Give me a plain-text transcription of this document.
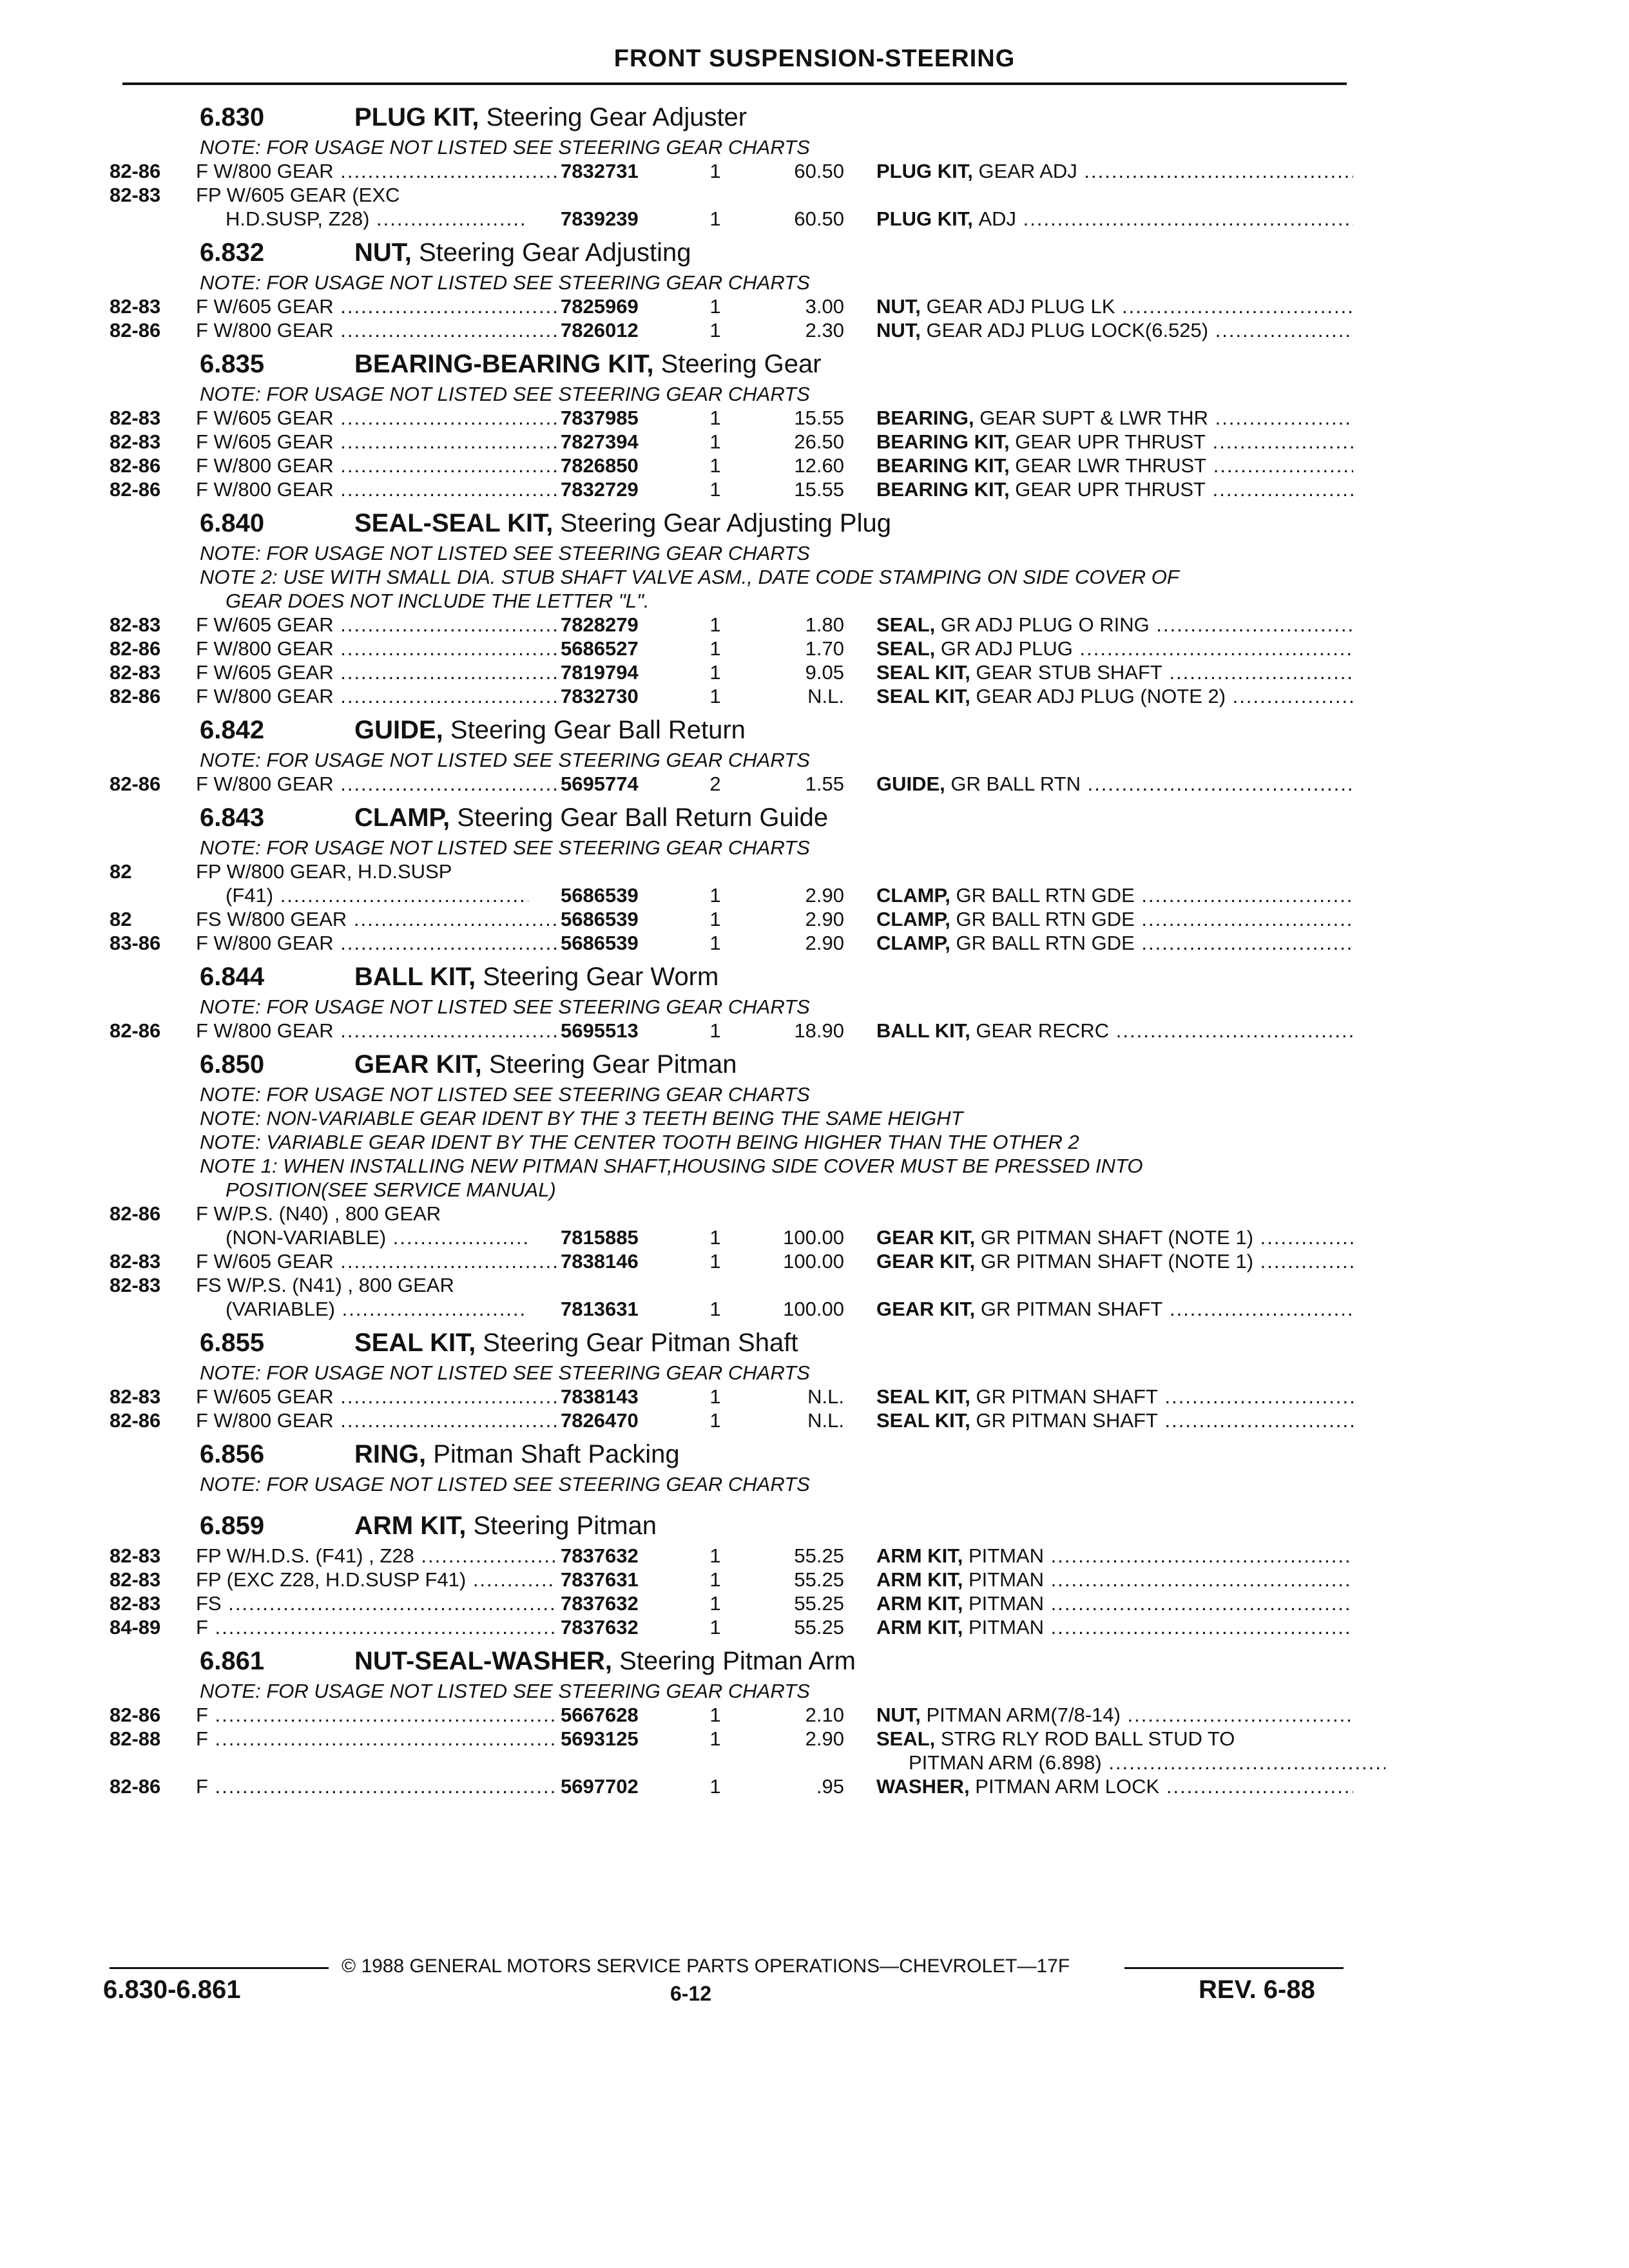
FRONT SUSPENSION-STEERING
6.830	PLUG KIT, Steering Gear Adjuster
NOTE: FOR USAGE NOT LISTED SEE STEERING GEAR CHARTS
82-86	F W/800 GEAR .....	7832731	1	60.50 PLUG KIT, GEAR ADJ .....
82-83	FP W/605 GEAR (EXC
H.D.SUSP, Z28) .....	7839239	1	60.50 PLUG KIT, ADJ .....
6.832	NUT, Steering Gear Adjusting
NOTE: FOR USAGE NOT LISTED SEE STEERING GEAR CHARTS
82-83	F W/605 GEAR .....	7825969	1	3.00 NUT, GEAR ADJ PLUG LK .....
82-86	F W/800 GEAR .....	7826012	1	2.30 NUT, GEAR ADJ PLUG LOCK(6.525) .....
6.835	BEARING-BEARING KIT, Steering Gear
NOTE: FOR USAGE NOT LISTED SEE STEERING GEAR CHARTS
82-83	F W/605 GEAR .....	7837985	1	15.55 BEARING, GEAR SUPT & LWR THR .....
82-83	F W/605 GEAR .....	7827394	1	26.50 BEARING KIT, GEAR UPR THRUST .....
82-86	F W/800 GEAR .....	7826850	1	12.60 BEARING KIT, GEAR LWR THRUST .....
82-86	F W/800 GEAR .....	7832729	1	15.55 BEARING KIT, GEAR UPR THRUST .....
6.840	SEAL-SEAL KIT, Steering Gear Adjusting Plug
NOTE: FOR USAGE NOT LISTED SEE STEERING GEAR CHARTS
NOTE 2: USE WITH SMALL DIA. STUB SHAFT VALVE ASM., DATE CODE STAMPING ON SIDE COVER OF
GEAR DOES NOT INCLUDE THE LETTER "L".
82-83	F W/605 GEAR .....	7828279	1	1.80 SEAL, GR ADJ PLUG O RING .....
82-86	F W/800 GEAR .....	5686527	1	1.70 SEAL, GR ADJ PLUG .....
82-83	F W/605 GEAR .....	7819794	1	9.05 SEAL KIT, GEAR STUB SHAFT .....
82-86	F W/800 GEAR .....	7832730	1	N.L. SEAL KIT, GEAR ADJ PLUG (NOTE 2) .....
6.842	GUIDE, Steering Gear Ball Return
NOTE: FOR USAGE NOT LISTED SEE STEERING GEAR CHARTS
82-86	F W/800 GEAR .....	5695774	2	1.55 GUIDE, GR BALL RTN .....
6.843	CLAMP, Steering Gear Ball Return Guide
NOTE: FOR USAGE NOT LISTED SEE STEERING GEAR CHARTS
82	FP W/800 GEAR, H.D.SUSP
(F41) .....	5686539	1	2.90 CLAMP, GR BALL RTN GDE .....
82	FS W/800 GEAR .....	5686539	1	2.90 CLAMP, GR BALL RTN GDE .....
83-86	F W/800 GEAR .....	5686539	1	2.90 CLAMP, GR BALL RTN GDE .....
6.844	BALL KIT, Steering Gear Worm
NOTE: FOR USAGE NOT LISTED SEE STEERING GEAR CHARTS
82-86	F W/800 GEAR .....	5695513	1	18.90 BALL KIT, GEAR RECRC .....
6.850	GEAR KIT, Steering Gear Pitman
NOTE: FOR USAGE NOT LISTED SEE STEERING GEAR CHARTS
NOTE: NON-VARIABLE GEAR IDENT BY THE 3 TEETH BEING THE SAME HEIGHT
NOTE: VARIABLE GEAR IDENT BY THE CENTER TOOTH BEING HIGHER THAN THE OTHER 2
NOTE 1: WHEN INSTALLING NEW PITMAN SHAFT,HOUSING SIDE COVER MUST BE PRESSED INTO
POSITION(SEE SERVICE MANUAL)
82-86	F W/P.S. (N40) , 800 GEAR
(NON-VARIABLE) .....	7815885	1	100.00 GEAR KIT, GR PITMAN SHAFT (NOTE 1) .....
82-83	F W/605 GEAR .....	7838146	1	100.00 GEAR KIT, GR PITMAN SHAFT (NOTE 1) .....
82-83	FS W/P.S. (N41) , 800 GEAR
(VARIABLE) .....	7813631	1	100.00 GEAR KIT, GR PITMAN SHAFT .....
6.855	SEAL KIT, Steering Gear Pitman Shaft
NOTE: FOR USAGE NOT LISTED SEE STEERING GEAR CHARTS
82-83	F W/605 GEAR .....	7838143	1	N.L. SEAL KIT, GR PITMAN SHAFT .....
82-86	F W/800 GEAR .....	7826470	1	N.L. SEAL KIT, GR PITMAN SHAFT .....
6.856	RING, Pitman Shaft Packing
NOTE: FOR USAGE NOT LISTED SEE STEERING GEAR CHARTS
6.859	ARM KIT, Steering Pitman
82-83	FP W/H.D.S. (F41) , Z28 .....	7837632	1	55.25 ARM KIT, PITMAN .....
82-83	FP (EXC Z28, H.D.SUSP F41) .....	7837631	1	55.25 ARM KIT, PITMAN .....
82-83	FS .....	7837632	1	55.25 ARM KIT, PITMAN .....
84-89	F .....	7837632	1	55.25 ARM KIT, PITMAN .....
6.861	NUT-SEAL-WASHER, Steering Pitman Arm
NOTE: FOR USAGE NOT LISTED SEE STEERING GEAR CHARTS
82-86	F .....	5667628	1	2.10 NUT, PITMAN ARM(7/8-14) .....
82-88	F .....	5693125	1	2.90 SEAL, STRG RLY ROD BALL STUD TO
PITMAN ARM (6.898) .....
82-86	F .....	5697702	1	.95 WASHER, PITMAN ARM LOCK .....
© 1988 GENERAL MOTORS SERVICE PARTS OPERATIONS—CHEVROLET—17F
6.830-6.861	6-12	REV. 6-88
